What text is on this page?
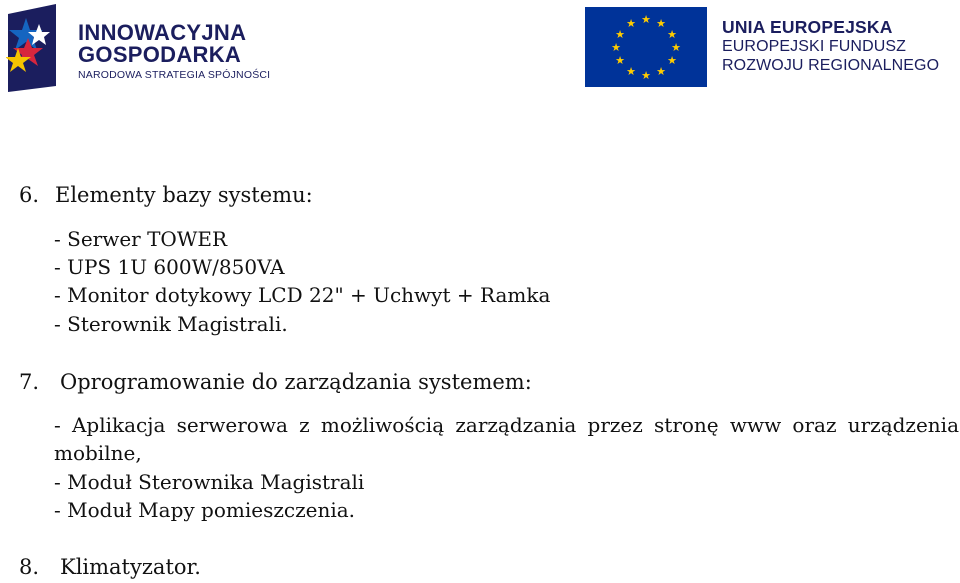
INNOWACYJNA
GOSPODARKA
NARODOWA STRATEGIA SPÓJNOŚCI
★ ★
★
★
★
★
★
★
★
★
★
★	UNIA EUROPEJSKA
EUROPEJSKI FUNDUSZ
ROZWOJU REGIONALNEGO
6. Elementy bazy systemu:
- Serwer TOWER
- UPS 1U 600W/850VA
- Monitor dotykowy LCD 22" + Uchwyt + Ramka
- Sterownik Magistrali.
7. Oprogramowanie do zarządzania systemem:
- Aplikacja serwerowa z możliwością zarządzania przez stronę www oraz urządzenia
mobilne,
- Moduł Sterownika Magistrali
- Moduł Mapy pomieszczenia.
8. Klimatyzator.
